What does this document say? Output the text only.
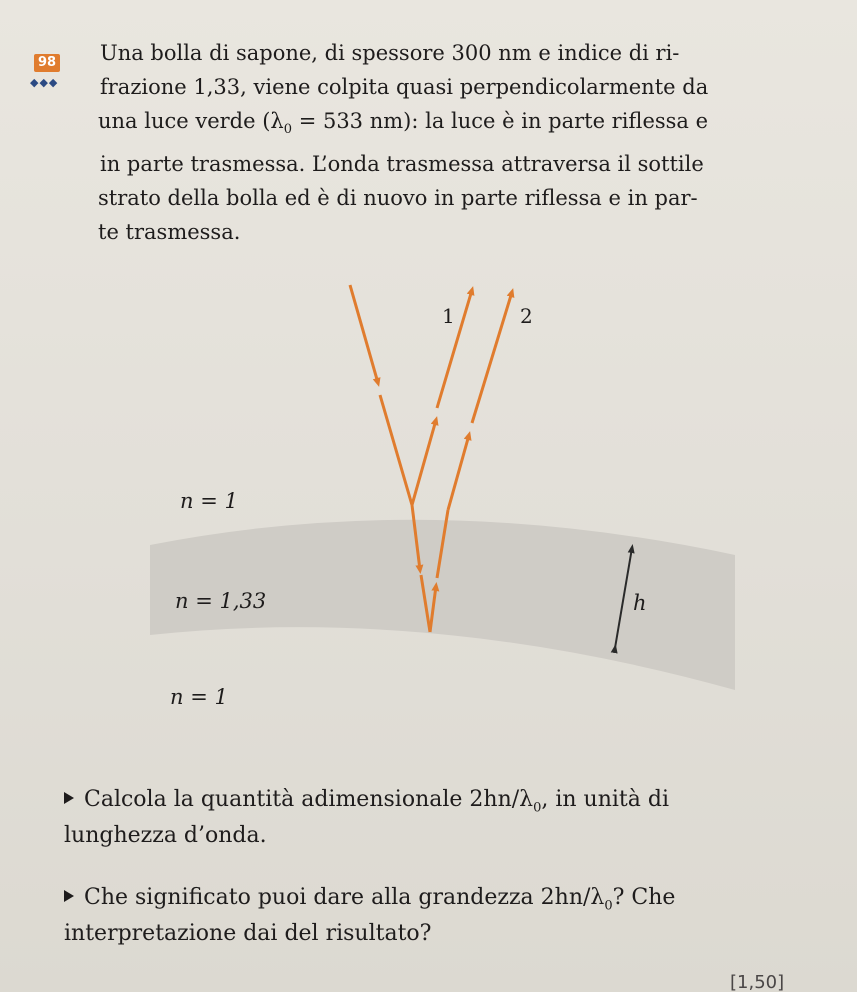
98
◆◆◆
Una bolla di sapone, di spessore 300 nm e indice di ri-
frazione 1,33, viene colpita quasi perpendicolarmente da
una luce verde ($\lambda_0 = 533$ nm): la luce è in parte riflessa e
in parte trasmessa. L’onda trasmessa attraversa il sottile
strato della bolla ed è di nuovo in parte riflessa e in par-
te trasmessa.
1	2
n = 1
n = 1,33
n = 1
h
Calcola la quantità adimensionale $2hn/\lambda_0$, in unità di
lunghezza d’onda.
Che significato puoi dare alla grandezza $2hn/\lambda_0$? Che
interpretazione dai del risultato?
[1,50]
